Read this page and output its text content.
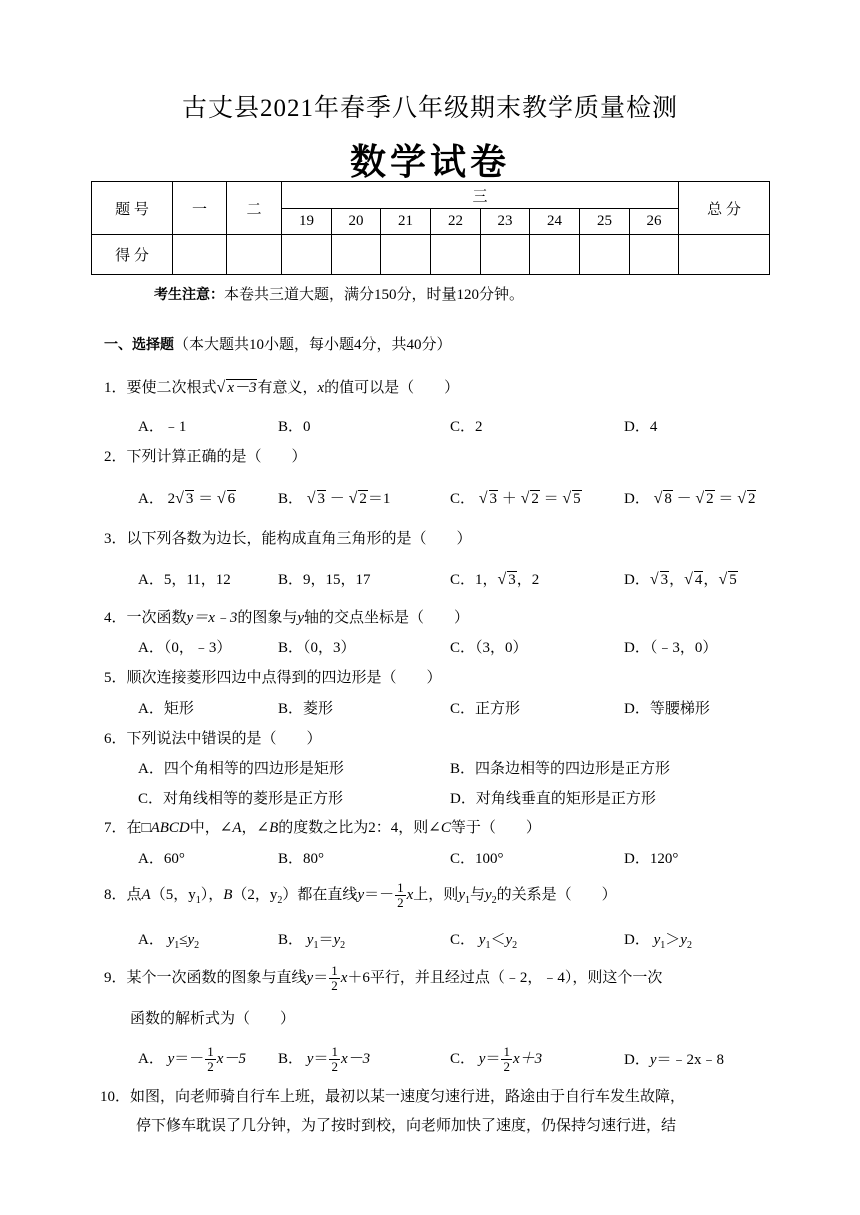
古丈县2021年春季八年级期末教学质量检测
数学试卷
题 号	一	二	三								总 分
			19	20	21	22	23	24	25	26	
得 分											
考生注意：本卷共三道大题，满分150分，时量120分钟。
一、选择题（本大题共10小题，每小题4分，共40分）
1．要使二次根式√ x－3有意义，x的值可以是（　　）
A．﹣1	B．0	C．2	D．4
2．下列计算正确的是（　　）
A． 2√ 3 ＝ √ 6	B． √ 3 － √ 2＝1	C． √ 3 ＋ √ 2 ＝ √ 5	D． √ 8 － √ 2 ＝ √ 2
3．以下列各数为边长，能构成直角三角形的是（　　）
A．5，11，12	B．9，15，17	C．1，√ 3，2	D．√ 3，√ 4，√ 5
4．一次函数y＝x﹣3的图象与y轴的交点坐标是（　　）
A．（0，﹣3）	B．（0，3）	C．（3，0）	D．（﹣3，0）
5．顺次连接菱形四边中点得到的四边形是（　　）
A．矩形	B．菱形	C．正方形	D．等腰梯形
6．下列说法中错误的是（　　）
A．四个角相等的四边形是矩形	B．四条边相等的四边形是正方形
C．对角线相等的菱形是正方形	D．对角线垂直的矩形是正方形
7．在□ABCD中，∠A，∠B的度数之比为2：4，则∠C等于（　　）
A．60°	B．80°	C．100°	D．120°
8．点A（5，$y_1$），B（2，$y_2$）都在直线$y=- \frac{1}{2}$ x上，则$y_1$与$y_2$的关系是（　　）
A． $y_1\le y_2$	B． $y_1=y_2$	C． $y_1<y_2$	D． $y_1>y_2$
9．某个一次函数的图象与直线$y= \frac{1}{2} x+6$平行，并且经过点（﹣2，﹣4），则这个一次
函数的解析式为（　　）
A． $y=- \frac{1}{2} x-5$ B． $y= \frac{1}{2} x-3$	C． $y= \frac{1}{2} x+3$	D．y＝﹣2x﹣8
10．如图，向老师骑自行车上班，最初以某一速度匀速行进，路途由于自行车发生故障，
停下修车耽误了几分钟，为了按时到校，向老师加快了速度，仍保持匀速行进，结
